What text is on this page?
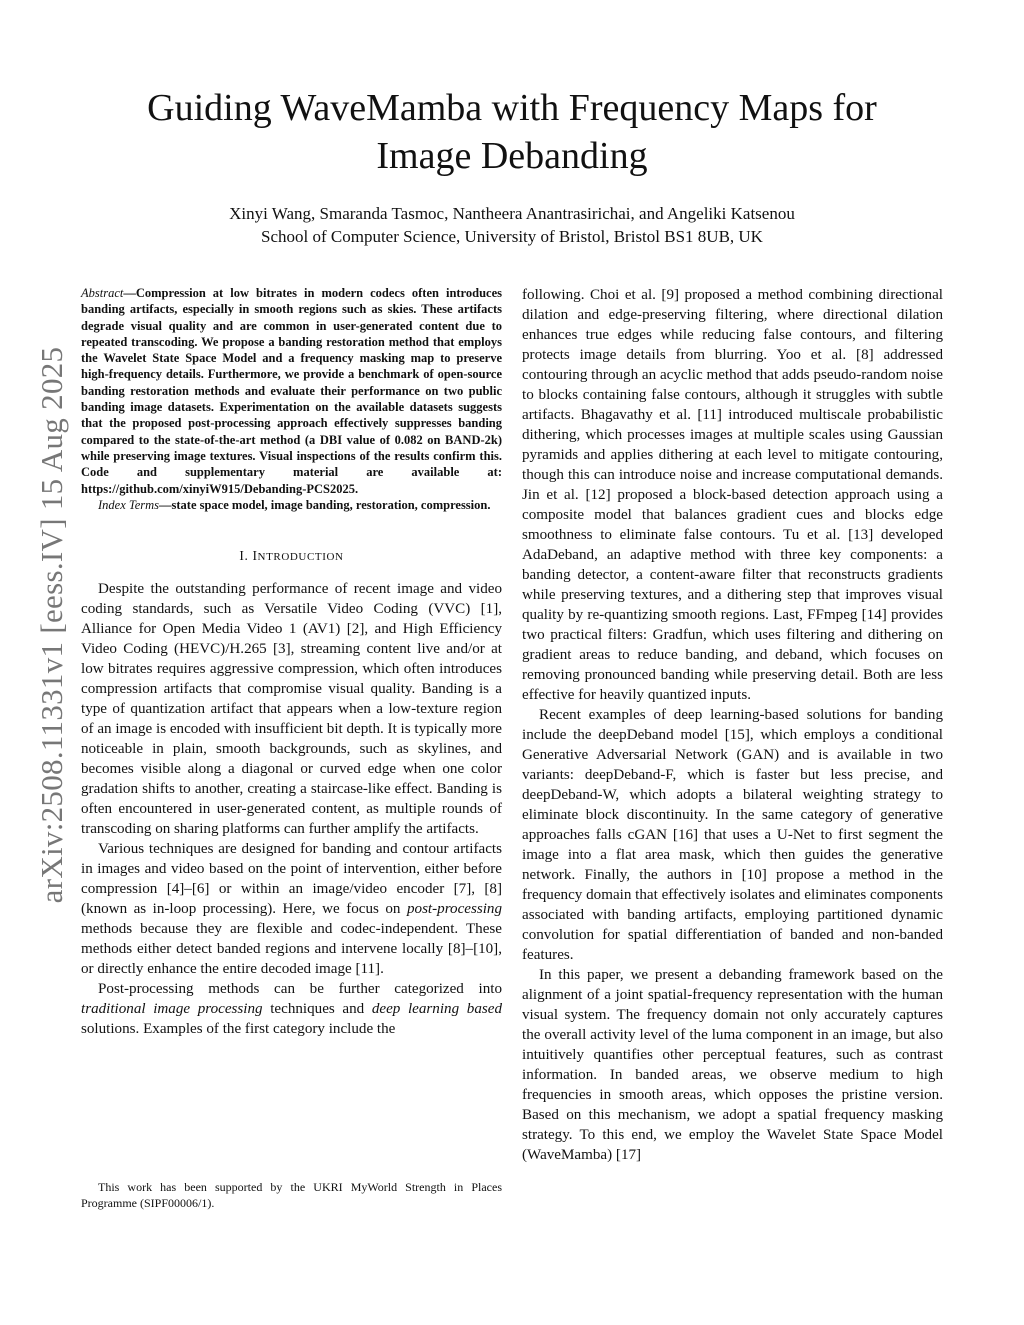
arXiv:2508.11331v1 [eess.IV] 15 Aug 2025
Guiding WaveMamba with Frequency Maps for
Image Debanding
Xinyi Wang, Smaranda Tasmoc, Nantheera Anantrasirichai, and Angeliki Katsenou
School of Computer Science, University of Bristol, Bristol BS1 8UB, UK

Abstract—Compression at low bitrates in modern codecs often introduces banding artifacts, especially in smooth regions such as skies. These artifacts degrade visual quality and are common in user-generated content due to repeated transcoding. We propose a banding restoration method that employs the Wavelet State Space Model and a frequency masking map to preserve high-frequency details. Furthermore, we provide a benchmark of open-source banding restoration methods and evaluate their performance on two public banding image datasets. Experimentation on the available datasets suggests that the proposed post-processing approach effectively suppresses banding compared to the state-of-the-art method (a DBI value of 0.082 on BAND-2k) while preserving image textures. Visual inspections of the results confirm this. Code and supplementary material are available at: https://github.com/xinyiW915/Debanding-PCS2025.

Index Terms—state space model, image banding, restoration, compression.

I. INTRODUCTION

Despite the outstanding performance of recent image and video coding standards, such as Versatile Video Coding (VVC) [1], Alliance for Open Media Video 1 (AV1) [2], and High Efficiency Video Coding (HEVC)/H.265 [3], streaming content live and/or at low bitrates requires aggressive compression, which often introduces compression artifacts that compromise visual quality. Banding is a type of quantization artifact that appears when a low-texture region of an image is encoded with insufficient bit depth. It is typically more noticeable in plain, smooth backgrounds, such as skylines, and becomes visible along a diagonal or curved edge when one color gradation shifts to another, creating a staircase-like effect. Banding is often encountered in user-generated content, as multiple rounds of transcoding on sharing platforms can further amplify the artifacts.

Various techniques are designed for banding and contour artifacts in images and video based on the point of intervention, either before compression [4]–[6] or within an image/video encoder [7], [8] (known as in-loop processing). Here, we focus on post-processing methods because they are flexible and codec-independent. These methods either detect banded regions and intervene locally [8]–[10], or directly enhance the entire decoded image [11].

Post-processing methods can be further categorized into traditional image processing techniques and deep learning based solutions. Examples of the first category include the

This work has been supported by the UKRI MyWorld Strength in Places Programme (SIPF00006/1).

following. Choi et al. [9] proposed a method combining directional dilation and edge-preserving filtering, where directional dilation enhances true edges while reducing false contours, and filtering protects image details from blurring. Yoo et al. [8] addressed contouring through an acyclic method that adds pseudo-random noise to blocks containing false contours, although it struggles with subtle artifacts. Bhagavathy et al. [11] introduced multiscale probabilistic dithering, which processes images at multiple scales using Gaussian pyramids and applies dithering at each level to mitigate contouring, though this can introduce noise and increase computational demands. Jin et al. [12] proposed a block-based detection approach using a composite model that balances gradient cues and blocks edge smoothness to eliminate false contours. Tu et al. [13] developed AdaDeband, an adaptive method with three key components: a banding detector, a content-aware filter that reconstructs gradients while preserving textures, and a dithering step that improves visual quality by re-quantizing smooth regions. Last, FFmpeg [14] provides two practical filters: Gradfun, which uses filtering and dithering on gradient areas to reduce banding, and deband, which focuses on removing pronounced banding while preserving detail. Both are less effective for heavily quantized inputs.

Recent examples of deep learning-based solutions for banding include the deepDeband model [15], which employs a conditional Generative Adversarial Network (GAN) and is available in two variants: deepDeband-F, which is faster but less precise, and deepDeband-W, which adopts a bilateral weighting strategy to eliminate block discontinuity. In the same category of generative approaches falls cGAN [16] that uses a U-Net to first segment the image into a flat area mask, which then guides the generative network. Finally, the authors in [10] propose a method in the frequency domain that effectively isolates and eliminates components associated with banding artifacts, employing partitioned dynamic convolution for spatial differentiation of banded and non-banded features.

In this paper, we present a debanding framework based on the alignment of a joint spatial-frequency representation with the human visual system. The frequency domain not only accurately captures the overall activity level of the luma component in an image, but also intuitively quantifies other perceptual features, such as contrast information. In banded areas, we observe medium to high frequencies in smooth areas, which opposes the pristine version. Based on this mechanism, we adopt a spatial frequency masking strategy. To this end, we employ the Wavelet State Space Model (WaveMamba) [17]
